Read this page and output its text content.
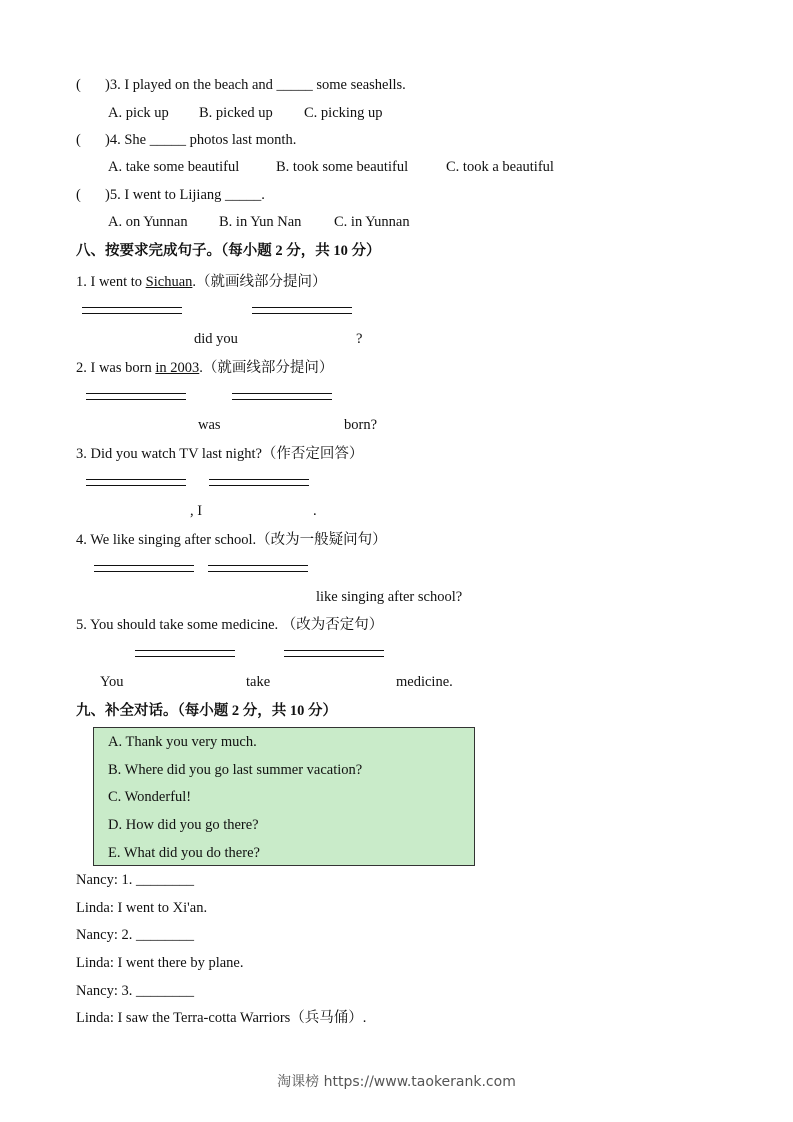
( )3. I played on the beach and _____ some seashells.
A. pick up B. picked up C. picking up
( )4. She _____ photos last month.
A. take some beautiful	B. took some beautiful	C. took a beautiful
( )5. I went to Lijiang _____.
A. on Yunnan B. in Yun Nan C. in Yunnan
八、按要求完成句子。（每小题 2 分，共 10 分）
1. I went to Sichuan.（就画线部分提问）
did you	?
2. I was born in 2003.（就画线部分提问）
was	born?
3. Did you watch TV last night?（作否定回答）
, I	.
4. We like singing after school.（改为一般疑问句）
like singing after school?
5. You should take some medicine. （改为否定句）
You	take	medicine.
九、补全对话。（每小题 2 分，共 10 分）
A. Thank you very much.
B. Where did you go last summer vacation?
C. Wonderful!
D. How did you go there?
E. What did you do there?
Nancy: 1. ________
Linda: I went to Xi'an.
Nancy: 2. ________
Linda: I went there by plane.
Nancy: 3. ________
Linda: I saw the Terra-cotta Warriors（兵马俑）.
淘课榜 https://www.taokerank.com
